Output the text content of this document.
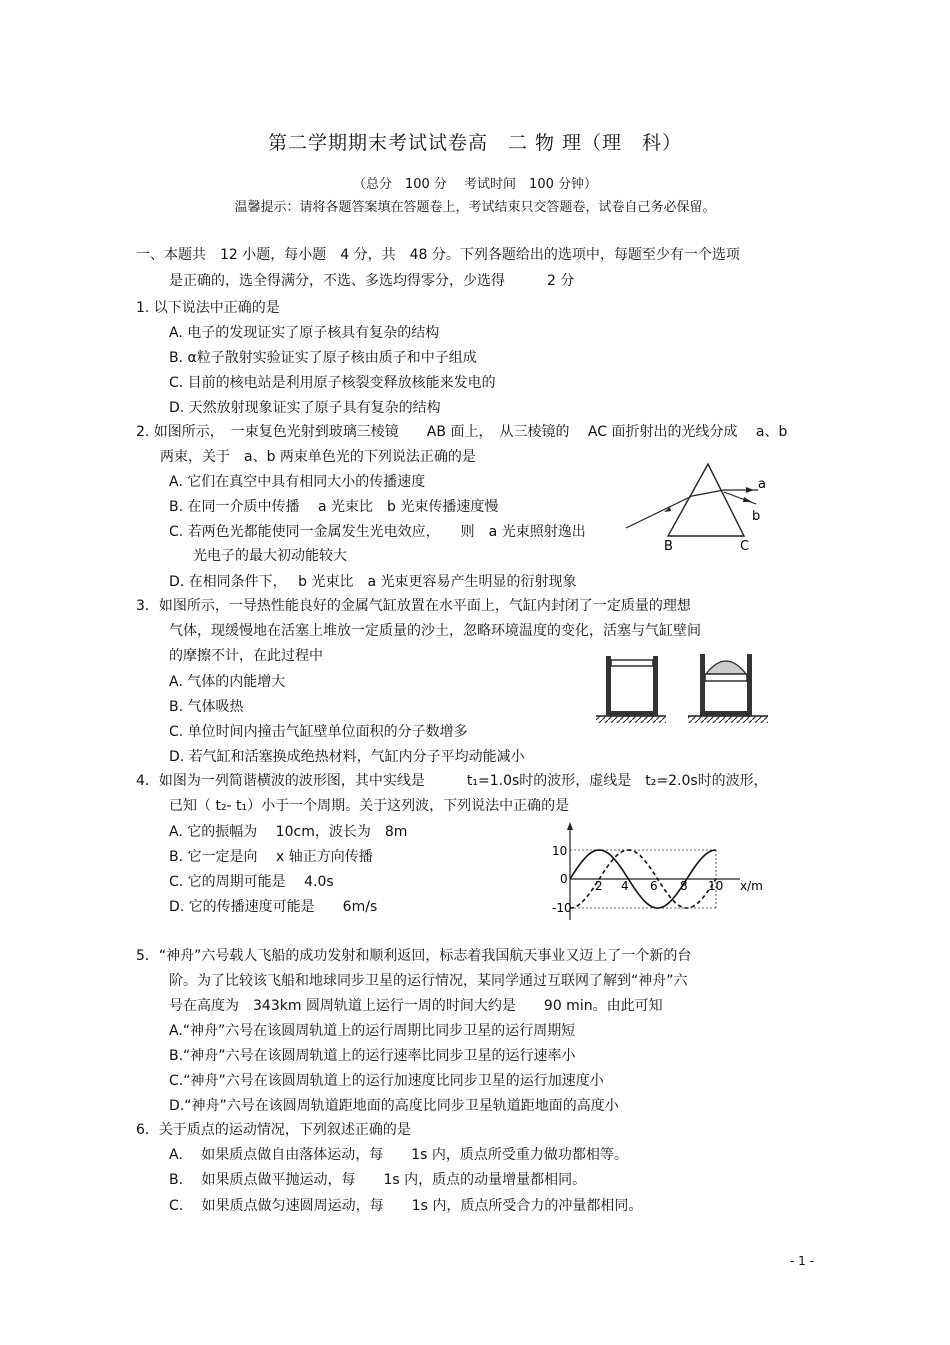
第二学期期末考试试卷高　二 物 理（理　科）
（总分　100 分　 考试时间　100 分钟）
温馨提示：请将各题答案填在答题卷上，考试结束只交答题卷，试卷自己务必保留。
一、本题共　12 小题，每小题　4 分，共　48 分。下列各题给出的选项中，每题至少有一个选项
是正确的，选全得满分，不选、多选均得零分，少选得　　　2 分
1. 以下说法中正确的是
A. 电子的发现证实了原子核具有复杂的结构
B. α粒子散射实验证实了原子核由质子和中子组成
C. 目前的核电站是利用原子核裂变释放核能来发电的
D. 天然放射现象证实了原子具有复杂的结构
2. 如图所示，　一束复色光射到玻璃三棱镜　　AB 面上，　从三棱镜的　 AC 面折射出的光线分成　 a、b
两束，关于　a、b 两束单色光的下列说法正确的是
A. 它们在真空中具有相同大小的传播速度
B. 在同一介质中传播　 a 光束比　b 光束传播速度慢
C. 若两色光都能使同一金属发生光电效应，　　则　a 光束照射逸出
光电子的最大初动能较大
D. 在相同条件下，　 b 光束比　a 光束更容易产生明显的衍射现象
a
b
B	C
3．如图所示，一导热性能良好的金属气缸放置在水平面上，气缸内封闭了一定质量的理想
气体，现缓慢地在活塞上堆放一定质量的沙土，忽略环境温度的变化，活塞与气缸壁间
的摩擦不计，在此过程中
A. 气体的内能增大
B. 气体吸热
C. 单位时间内撞击气缸壁单位面积的分子数增多
D. 若气缸和活塞换成绝热材料，气缸内分子平均动能减小
4．如图为一列简谐横波的波形图，其中实线是　　　t₁=1.0s时的波形，虚线是　t₂=2.0s时的波形，
已知（ t₂- t₁）小于一个周期。关于这列波，下列说法中正确的是
A. 它的振幅为　 10cm，波长为　8m
B. 它一定是向　 x 轴正方向传播
C. 它的周期可能是　 4.0s
D. 它的传播速度可能是　　6m/s
10
0
-10
2 4 6 8 10 x/m
5．“神舟”六号载人飞船的成功发射和顺利返回，标志着我国航天事业又迈上了一个新的台
阶。为了比较该飞船和地球同步卫星的运行情况，某同学通过互联网了解到“神舟”六
号在高度为　343km 圆周轨道上运行一周的时间大约是　　90 min。由此可知
A.“神舟”六号在该圆周轨道上的运行周期比同步卫星的运行周期短
B.“神舟”六号在该圆周轨道上的运行速率比同步卫星的运行速率小
C.“神舟”六号在该圆周轨道上的运行加速度比同步卫星的运行加速度小
D.“神舟”六号在该圆周轨道距地面的高度比同步卫星轨道距地面的高度小
6．关于质点的运动情况，下列叙述正确的是
A.　 如果质点做自由落体运动，每　　1s 内，质点所受重力做功都相等。
B.　 如果质点做平抛运动，每　　1s 内，质点的动量增量都相同。
C.　 如果质点做匀速圆周运动，每　　1s 内，质点所受合力的冲量都相同。
- 1 -
